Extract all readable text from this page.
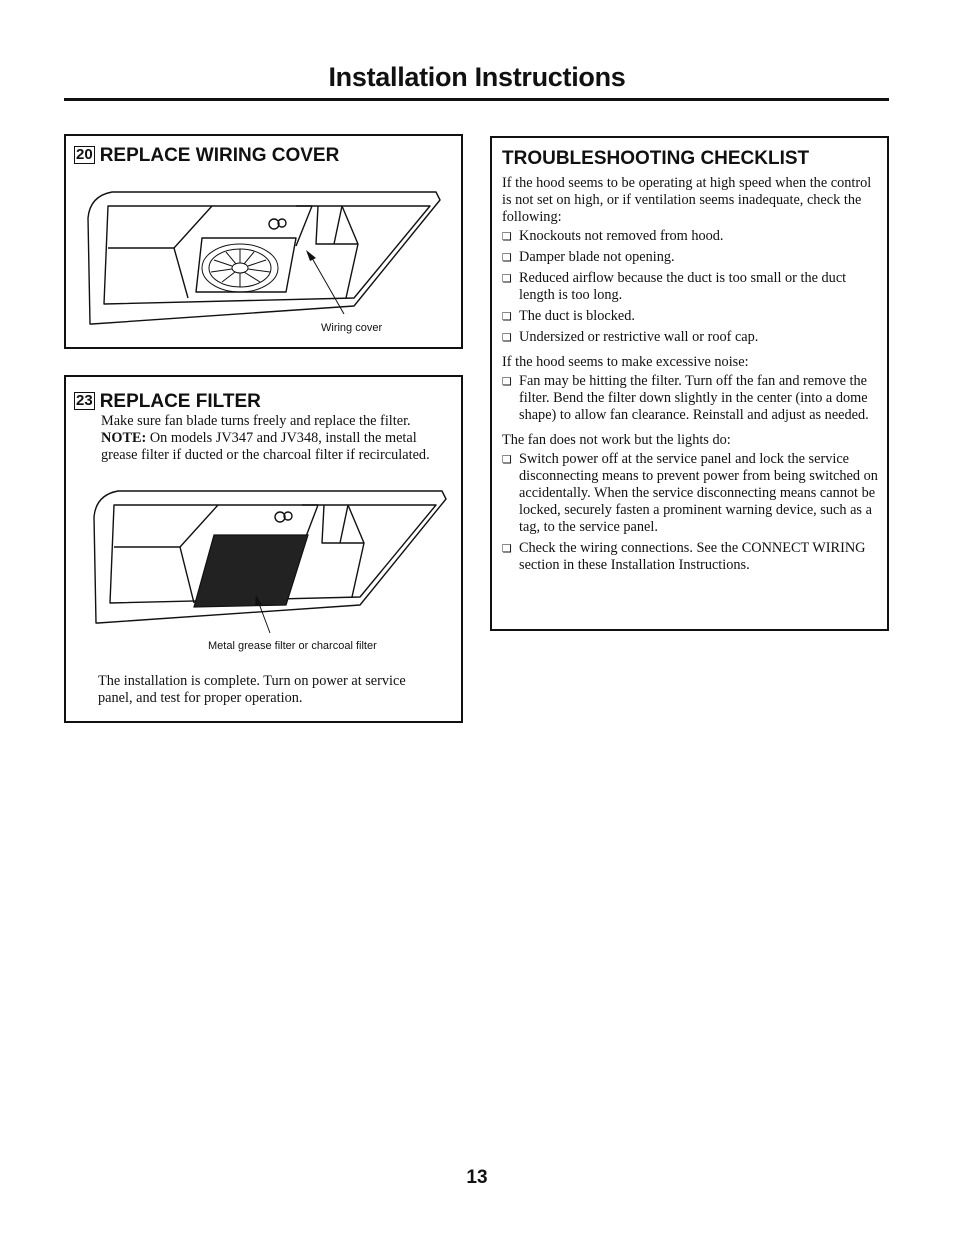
Installation Instructions
20 REPLACE WIRING COVER
Wiring cover
23 REPLACE FILTER
Make sure fan blade turns freely and replace the filter. NOTE: On models JV347 and JV348, install the metal grease filter if ducted or the charcoal filter if recirculated.
Metal grease filter or charcoal filter
The installation is complete. Turn on power at service panel, and test for proper operation.
TROUBLESHOOTING CHECKLIST

If the hood seems to be operating at high speed when the control is not set on high, or if ventilation seems inadequate, check the following:

❏ Knockouts not removed from hood.
❏ Damper blade not opening.
❏ Reduced airflow because the duct is too small or the duct length is too long.
❏ The duct is blocked.
❏ Undersized or restrictive wall or roof cap.

If the hood seems to make excessive noise:

❏ Fan may be hitting the filter. Turn off the fan and remove the filter. Bend the filter down slightly in the center (into a dome shape) to allow fan clearance. Reinstall and adjust as needed.

The fan does not work but the lights do:

❏ Switch power off at the service panel and lock the service disconnecting means to prevent power from being switched on accidentally. When the service disconnecting means cannot be locked, securely fasten a prominent warning device, such as a tag, to the service panel.
❏ Check the wiring connections. See the CONNECT WIRING section in these Installation Instructions.
13
